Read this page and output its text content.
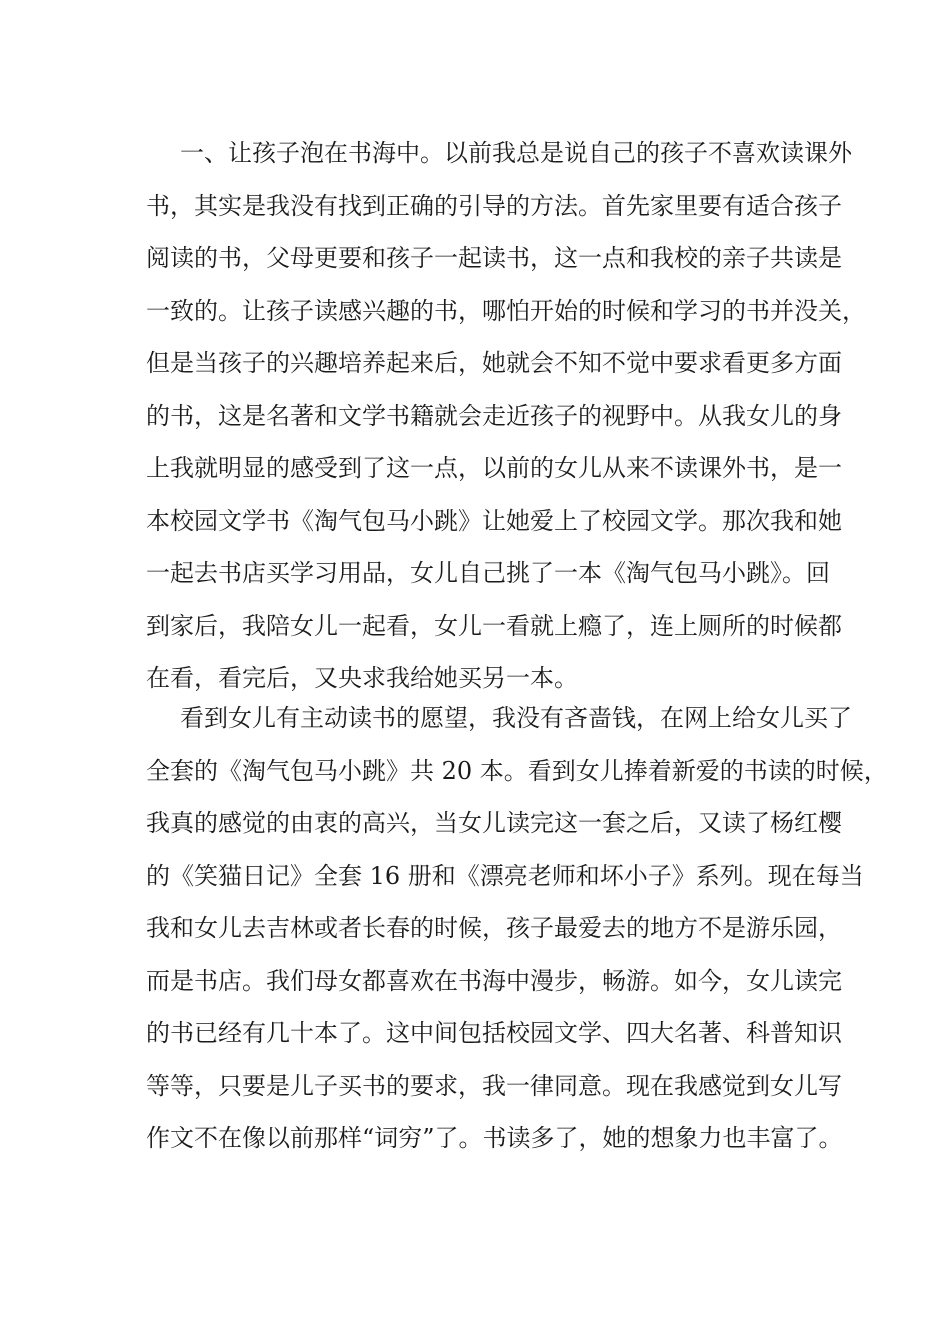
一、让孩子泡在书海中。以前我总是说自己的孩子不喜欢读课外
书，其实是我没有找到正确的引导的方法。首先家里要有适合孩子
阅读的书，父母更要和孩子一起读书，这一点和我校的亲子共读是
一致的。让孩子读感兴趣的书，哪怕开始的时候和学习的书并没关，
但是当孩子的兴趣培养起来后，她就会不知不觉中要求看更多方面
的书，这是名著和文学书籍就会走近孩子的视野中。从我女儿的身
上我就明显的感受到了这一点，以前的女儿从来不读课外书，是一
本校园文学书《淘气包马小跳》让她爱上了校园文学。那次我和她
一起去书店买学习用品，女儿自己挑了一本《淘气包马小跳》。回
到家后，我陪女儿一起看，女儿一看就上瘾了，连上厕所的时候都
在看，看完后，又央求我给她买另一本。
看到女儿有主动读书的愿望，我没有吝啬钱，在网上给女儿买了
全套的《淘气包马小跳》共 20 本。看到女儿捧着新爱的书读的时候，
我真的感觉的由衷的高兴，当女儿读完这一套之后，又读了杨红樱
的《笑猫日记》全套 16 册和《漂亮老师和坏小子》系列。现在每当
我和女儿去吉林或者长春的时候，孩子最爱去的地方不是游乐园，
而是书店。我们母女都喜欢在书海中漫步，畅游。如今，女儿读完
的书已经有几十本了。这中间包括校园文学、四大名著、科普知识
等等，只要是儿子买书的要求，我一律同意。现在我感觉到女儿写
作文不在像以前那样“词穷”了。书读多了，她的想象力也丰富了。
